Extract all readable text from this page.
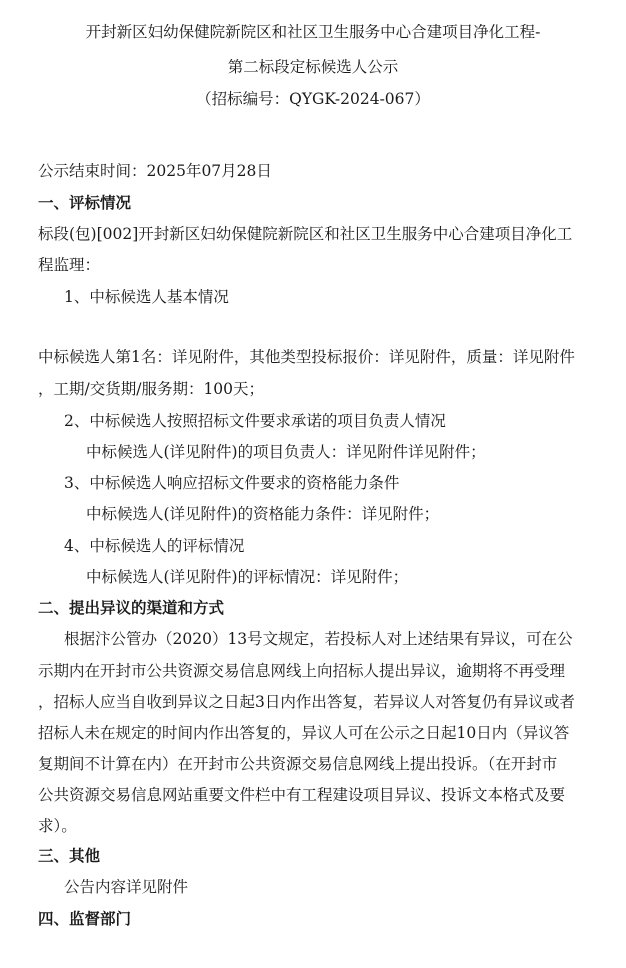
开封新区妇幼保健院新院区和社区卫生服务中心合建项目净化工程-

第二标段定标候选人公示

（招标编号：QYGK-2024-067）

公示结束时间：2025年07月28日

一、评标情况

标段(包)[002]开封新区妇幼保健院新院区和社区卫生服务中心合建项目净化工

程监理：

1、中标候选人基本情况

中标候选人第1名：详见附件，其他类型投标报价：详见附件，质量：详见附件

，工期/交货期/服务期：100天；

2、中标候选人按照招标文件要求承诺的项目负责人情况

中标候选人(详见附件)的项目负责人：详见附件详见附件；

3、中标候选人响应招标文件要求的资格能力条件

中标候选人(详见附件)的资格能力条件：详见附件；

4、中标候选人的评标情况

中标候选人(详见附件)的评标情况：详见附件；

二、提出异议的渠道和方式

根据汴公管办（2020）13号文规定，若投标人对上述结果有异议，可在公

示期内在开封市公共资源交易信息网线上向招标人提出异议，逾期将不再受理

，招标人应当自收到异议之日起3日内作出答复，若异议人对答复仍有异议或者

招标人未在规定的时间内作出答复的，异议人可在公示之日起10日内（异议答

复期间不计算在内）在开封市公共资源交易信息网线上提出投诉。（在开封市

公共资源交易信息网站重要文件栏中有工程建设项目异议、投诉文本格式及要

求）。

三、其他

公告内容详见附件

四、监督部门
